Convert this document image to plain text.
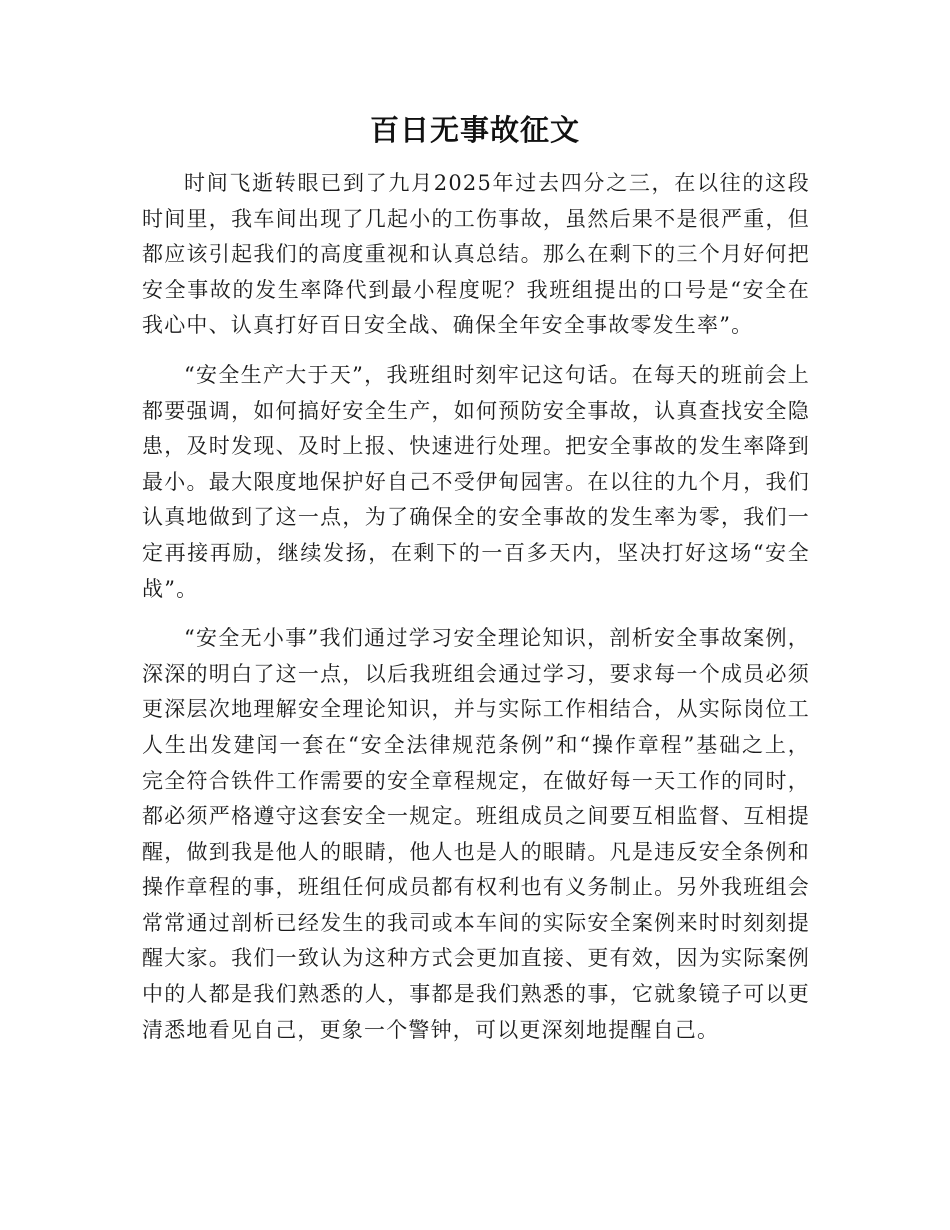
百日无事故征文

时间飞逝转眼已到了九月2025年过去四分之三，在以往的这段时间里，我车间出现了几起小的工伤事故，虽然后果不是很严重，但都应该引起我们的高度重视和认真总结。那么在剩下的三个月好何把安全事故的发生率降代到最小程度呢？我班组提出的口号是“安全在我心中、认真打好百日安全战、确保全年安全事故零发生率”。

“安全生产大于天”，我班组时刻牢记这句话。在每天的班前会上都要强调，如何搞好安全生产，如何预防安全事故，认真查找安全隐患，及时发现、及时上报、快速进行处理。把安全事故的发生率降到最小。最大限度地保护好自己不受伊甸园害。在以往的九个月，我们认真地做到了这一点，为了确保全的安全事故的发生率为零，我们一定再接再励，继续发扬，在剩下的一百多天内，坚决打好这场“安全战”。

“安全无小事”我们通过学习安全理论知识，剖析安全事故案例，深深的明白了这一点，以后我班组会通过学习，要求每一个成员必须更深层次地理解安全理论知识，并与实际工作相结合，从实际岗位工人生出发建闰一套在“安全法律规范条例”和“操作章程”基础之上，完全符合铁件工作需要的安全章程规定，在做好每一天工作的同时，都必须严格遵守这套安全一规定。班组成员之间要互相监督、互相提醒，做到我是他人的眼睛，他人也是人的眼睛。凡是违反安全条例和操作章程的事，班组任何成员都有权利也有义务制止。另外我班组会常常通过剖析已经发生的我司或本车间的实际安全案例来时时刻刻提醒大家。我们一致认为这种方式会更加直接、更有效，因为实际案例中的人都是我们熟悉的人，事都是我们熟悉的事，它就象镜子可以更清悉地看见自己，更象一个警钟，可以更深刻地提醒自己。
